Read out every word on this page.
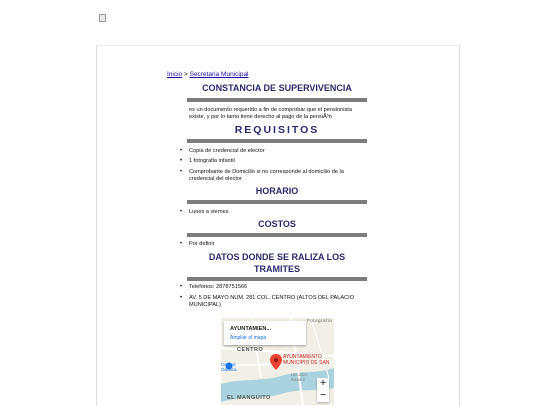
Inicio > Secretaria Municipal
CONSTANCIA DE SUPERVIVENCIA
es un documento requerido a fin de comprobar que el pensionista existe, y por lo tanto tiene derecho al pago de la pensiÃ³n
REQUISITOS
• Copia de credencial de elector
• 1 fotografia infantil
• Comprobante de Domicilio si no corresponde al domicilio de la credencial del elector
HORARIO
• Lunes a viernes
COSTOS
• Por definir
DATOS DONDE SE RALIZA LOS TRAMITES
• Telefonos: 2878751566
• AV. 5 DE MAYO NUM. 281 COL. CENTRO (ALTOS DEL PALACIO MUNICIPAL)
AYUNTAMIEN...
Ampliar el mapa
Fotografia
CENTRO
Central Oaxaca
AYUNTAMIENTO MUNICIPIO DE SAN
HELADO RAMEZ
EL MANGUITO
+
−
